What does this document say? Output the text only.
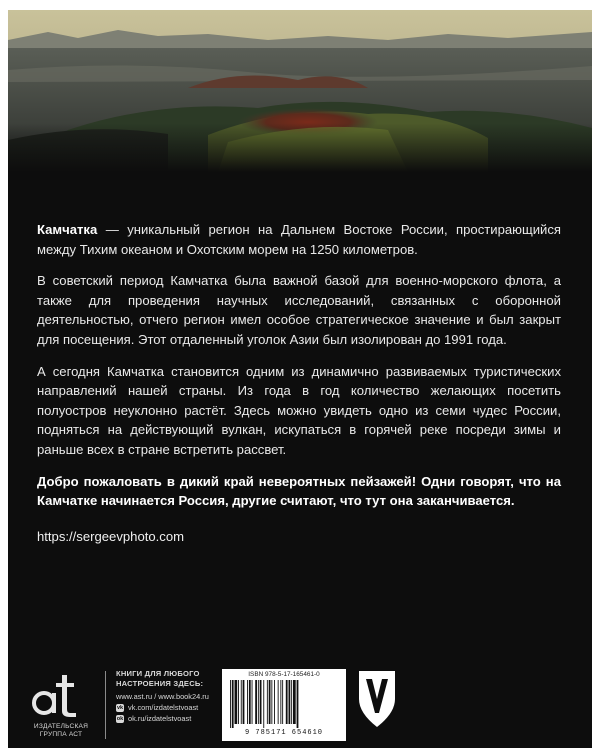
Камчатка — уникальный регион на Дальнем Востоке России, простирающийся между Тихим океаном и Охотским морем на 1250 километров.

В советский период Камчатка была важной базой для военно-морского флота, а также для проведения научных исследований, связанных с оборонной деятельностью, отчего регион имел особое стратегическое значение и был закрыт для посещения. Этот отдаленный уголок Азии был изолирован до 1991 года.

А сегодня Камчатка становится одним из динамично развиваемых туристических направлений нашей страны. Из года в год количество желающих посетить полуостров неуклонно растёт. Здесь можно увидеть одно из семи чудес России, подняться на действующий вулкан, искупаться в горячей реке посреди зимы и раньше всех в стране встретить рассвет.

Добро пожаловать в дикий край невероятных пейзажей! Одни говорят, что на Камчатке начинается Россия, другие считают, что тут она заканчивается.

https://sergeevphoto.com

ИЗДАТЕЛЬСКАЯ
ГРУППА АСТ
КНИГИ ДЛЯ ЛЮБОГО
НАСТРОЕНИЯ ЗДЕСЬ:
www.ast.ru / www.book24.ru
vk vk.com/izdatelstvoast
ok ok.ru/izdatelstvoast
ISBN 978-5-17-165461-0
9 785171 654610
